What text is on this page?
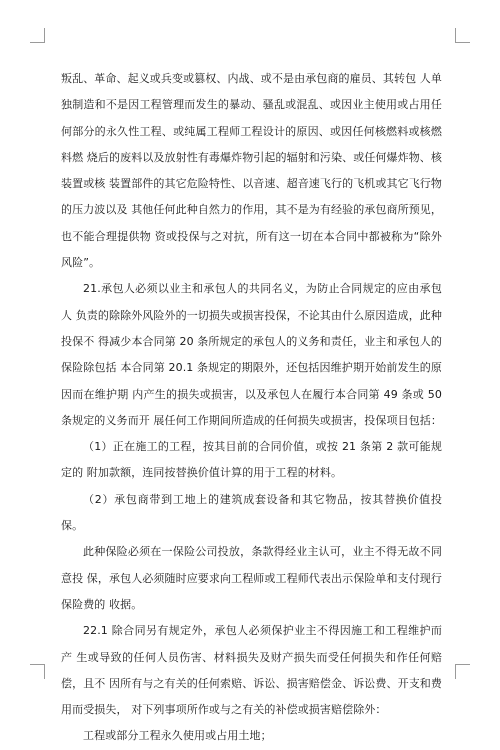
叛乱、革命、起义或兵变或篡权、内战、或不是由承包商的雇员、其转包 人单独制造和不是因工程管理而发生的暴动、骚乱或混乱、或因业主使用或占用任 何部分的永久性工程、或纯属工程师工程设计的原因、或因任何核燃料或核燃料燃 烧后的废料以及放射性有毒爆炸物引起的辐射和污染、或任何爆炸物、核装置或核 装置部件的其它危险特性、以音速、超音速飞行的飞机或其它飞行物的压力波以及 其他任何此种自然力的作用，其不是为有经验的承包商所预见，也不能合理提供物 资或投保与之对抗，所有这一切在本合同中都被称为“除外风险”。

21.承包人必须以业主和承包人的共同名义，为防止合同规定的应由承包人 负责的除除外风险外的一切损失或损害投保，不论其由什么原因造成，此种投保不 得减少本合同第 20 条所规定的承包人的义务和责任，业主和承包人的保险除包括 本合同第 20.1 条规定的期限外，还包括因维护期开始前发生的原因而在维护期 内产生的损失或损害，以及承包人在履行本合同第 49 条或 50 条规定的义务而开 展任何工作期间所造成的任何损失或损害，投保项目包括：

（1）正在施工的工程，按其目前的合同价值，或按 21 条第 2 款可能规定的 附加款额，连同按替换价值计算的用于工程的材料。

（2）承包商带到工地上的建筑成套设备和其它物品，按其替换价值投保。

此种保险必须在一保险公司投放，条款得经业主认可，业主不得无故不同意投 保，承包人必须随时应要求向工程师或工程师代表出示保险单和支付现行保险费的 收据。

22.1 除合同另有规定外，承包人必须保护业主不得因施工和工程维护而产 生或导致的任何人员伤害、材料损失及财产损失而受任何损失和作任何赔偿，且不 因所有与之有关的任何索赔、诉讼、损害赔偿金、诉讼费、开支和费用而受损失， 对下列事项所作或与之有关的补偿或损害赔偿除外：

工程或部分工程永久使用或占用土地；
